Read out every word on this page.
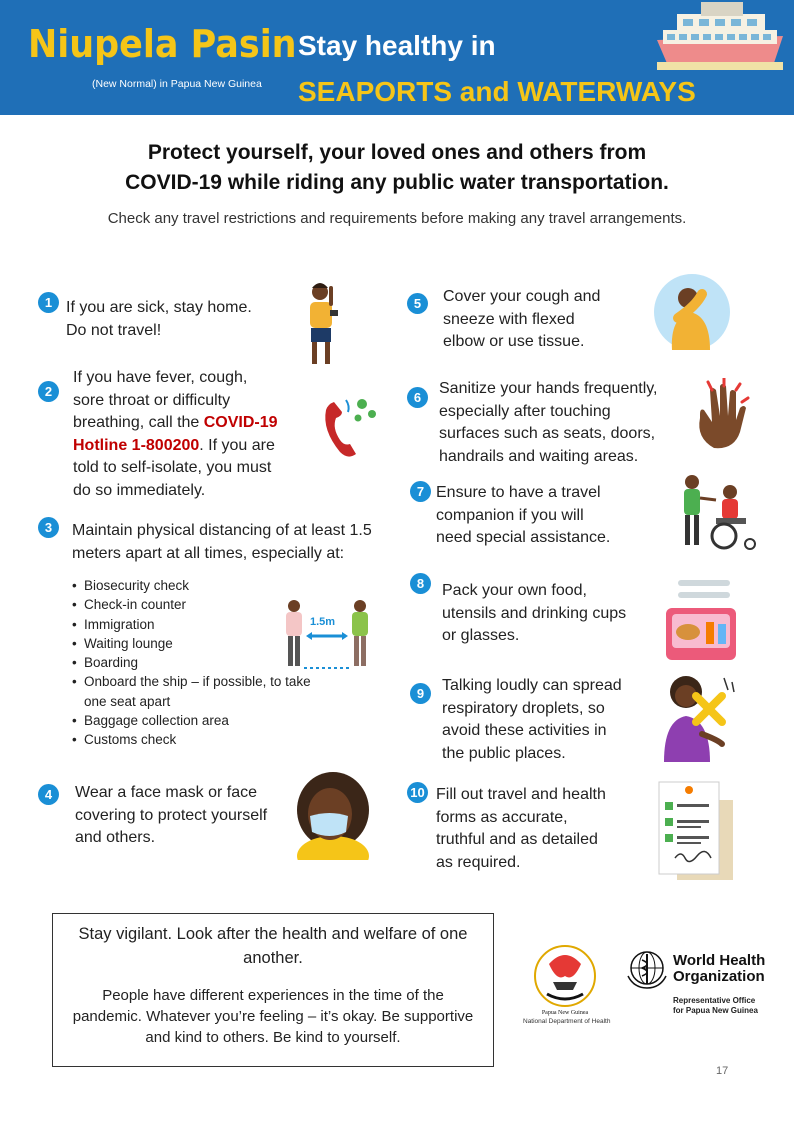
Niupela Pasin
(New Normal) in Papua New Guinea
Stay healthy in
SEAPORTS and WATERWAYS
Protect yourself, your loved ones and others from
COVID-19 while riding any public water transportation.
Check any travel restrictions and requirements before making any travel arrangements.
1 If you are sick, stay home.
Do not travel!
2
If you have fever, cough,
sore throat or difficulty
breathing, call the COVID-19
Hotline 1-800200. If you are
told to self-isolate, you must
do so immediately.
3	Maintain physical distancing of at least 1.5
meters apart at all times, especially at:
• Biosecurity check
• Check-in counter
• Immigration
• Waiting lounge
• Boarding
• Onboard the ship – if possible, to take one seat apart
• Baggage collection area
• Customs check
1.5m
4	Wear a face mask or face
covering to protect yourself
and others.
5	Cover your cough and
sneeze with flexed
elbow or use tissue.
6
Sanitize your hands frequently,
especially after touching
surfaces such as seats, doors,
handrails and waiting areas.
7 Ensure to have a travel
companion if you will
need special assistance.
8	Pack your own food,
utensils and drinking cups
or glasses.
9	Talking loudly can spread
respiratory droplets, so
avoid these activities in
the public places.
10 Fill out travel and health
forms as accurate,
truthful and as detailed
as required.
Stay vigilant. Look after the health and welfare of one another.
People have different experiences in the time of the pandemic. Whatever you’re feeling – it’s okay. Be supportive and kind to others. Be kind to yourself.
Papua New Guinea
National Department of Health
World Health
Organization
Representative Office
for Papua New Guinea
17
